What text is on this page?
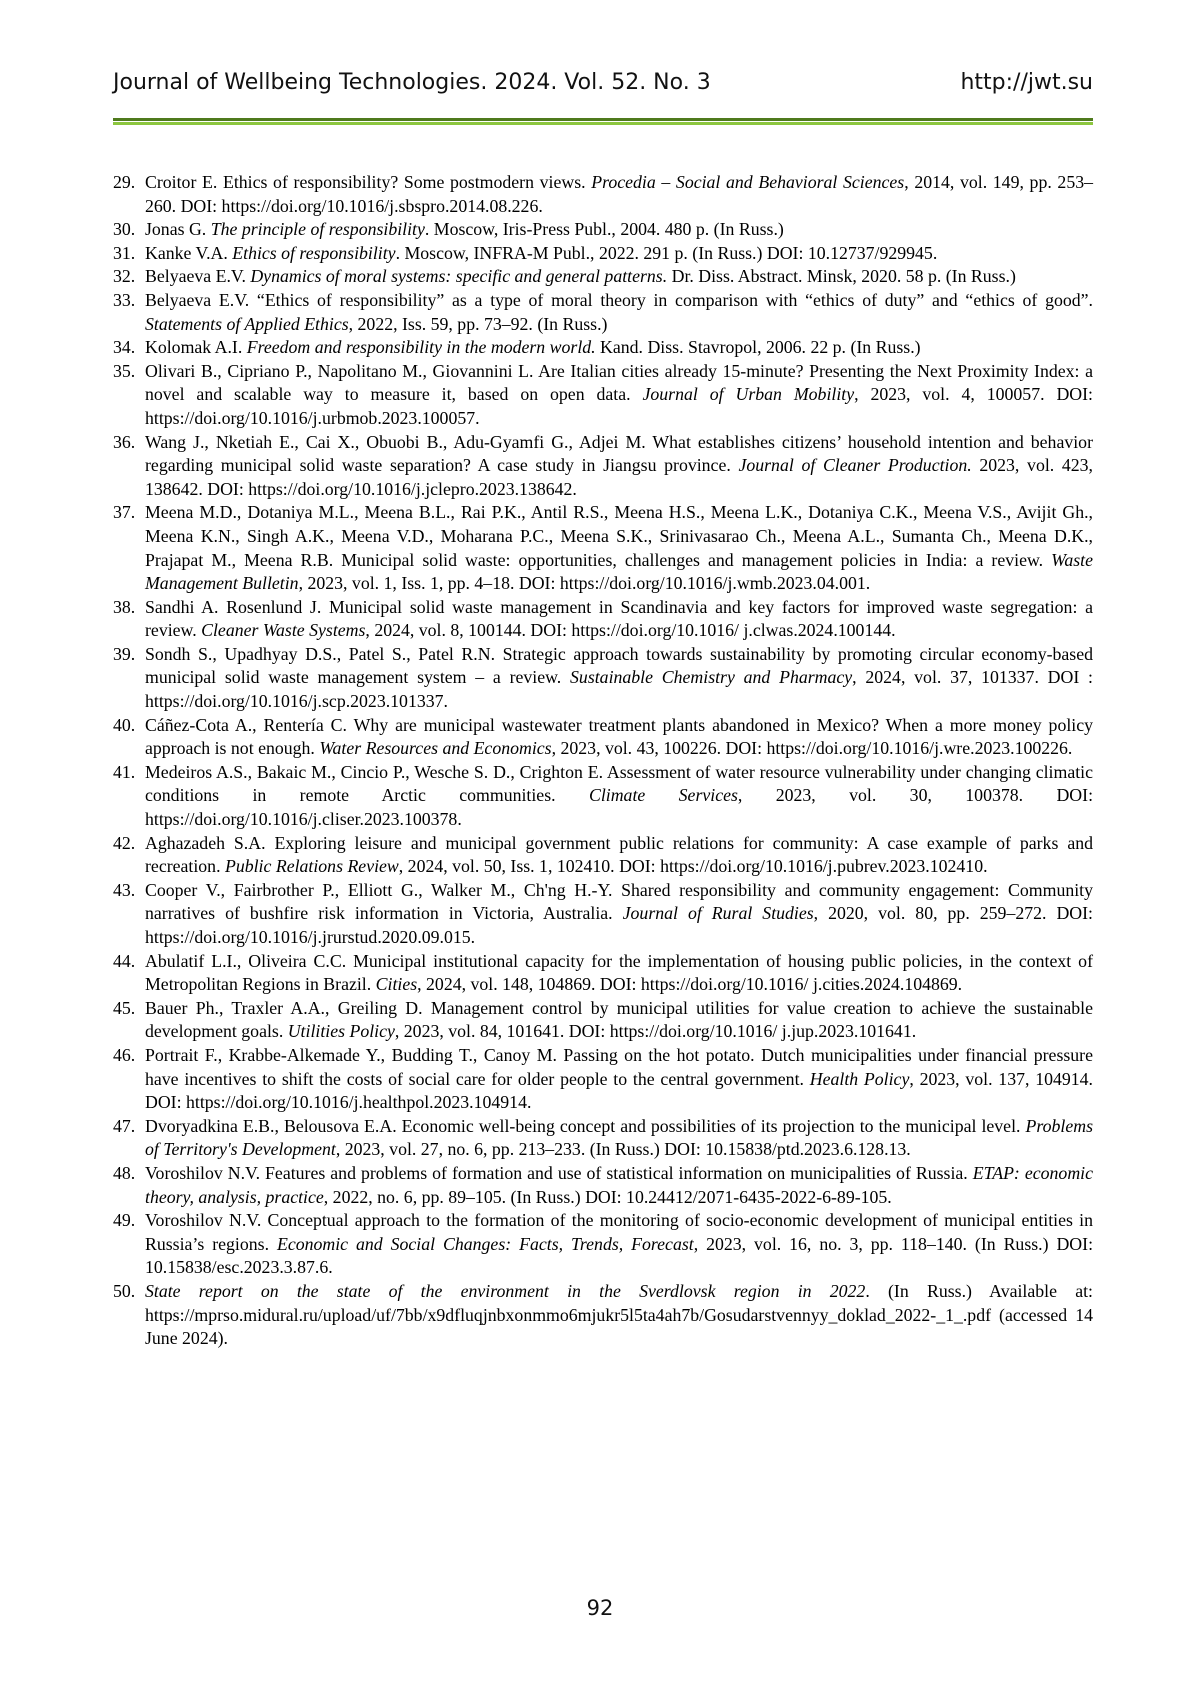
Journal of Wellbeing Technologies. 2024. Vol. 52. No. 3	http://jwt.su
29. Croitor E. Ethics of responsibility? Some postmodern views. Procedia – Social and Behavioral Sciences, 2014, vol. 149, pp. 253–260. DOI: https://doi.org/10.1016/j.sbspro.2014.08.226.
30. Jonas G. The principle of responsibility. Moscow, Iris-Press Publ., 2004. 480 p. (In Russ.)
31. Kanke V.A. Ethics of responsibility. Moscow, INFRA-M Publ., 2022. 291 p. (In Russ.) DOI: 10.12737/929945.
32. Belyaeva E.V. Dynamics of moral systems: specific and general patterns. Dr. Diss. Abstract. Minsk, 2020. 58 p. (In Russ.)
33. Belyaeva E.V. “Ethics of responsibility” as a type of moral theory in comparison with “ethics of duty” and “ethics of good”. Statements of Applied Ethics, 2022, Iss. 59, pp. 73–92. (In Russ.)
34. Kolomak A.I. Freedom and responsibility in the modern world. Kand. Diss. Stavropol, 2006. 22 p. (In Russ.)
35. Olivari B., Cipriano P., Napolitano M., Giovannini L. Are Italian cities already 15-minute? Presenting the Next Proximity Index: a novel and scalable way to measure it, based on open data. Journal of Urban Mobility, 2023, vol. 4, 100057. DOI: https://doi.org/10.1016/j.urbmob.2023.100057.
36. Wang J., Nketiah E., Cai X., Obuobi B., Adu-Gyamfi G., Adjei M. What establishes citizens’ household intention and behavior regarding municipal solid waste separation? A case study in Jiangsu province. Journal of Cleaner Production. 2023, vol. 423, 138642. DOI: https://doi.org/10.1016/j.jclepro.2023.138642.
37. Meena M.D., Dotaniya M.L., Meena B.L., Rai P.K., Antil R.S., Meena H.S., Meena L.K., Dotaniya C.K., Meena V.S., Avijit Gh., Meena K.N., Singh A.K., Meena V.D., Moharana P.C., Meena S.K., Srinivasarao Ch., Meena A.L., Sumanta Ch., Meena D.K., Prajapat M., Meena R.B. Municipal solid waste: opportunities, challenges and management policies in India: a review. Waste Management Bulletin, 2023, vol. 1, Iss. 1, pp. 4–18. DOI: https://doi.org/10.1016/j.wmb.2023.04.001.
38. Sandhi A. Rosenlund J. Municipal solid waste management in Scandinavia and key factors for improved waste segregation: a review. Cleaner Waste Systems, 2024, vol. 8, 100144. DOI: https://doi.org/10.1016/ j.clwas.2024.100144.
39. Sondh S., Upadhyay D.S., Patel S., Patel R.N. Strategic approach towards sustainability by promoting circular economy-based municipal solid waste management system – a review. Sustainable Chemistry and Pharmacy, 2024, vol. 37, 101337. DOI : https://doi.org/10.1016/j.scp.2023.101337.
40. Cáñez-Cota A., Rentería C. Why are municipal wastewater treatment plants abandoned in Mexico? When a more money policy approach is not enough. Water Resources and Economics, 2023, vol. 43, 100226. DOI: https://doi.org/10.1016/j.wre.2023.100226.
41. Medeiros A.S., Bakaic M., Cincio P., Wesche S. D., Crighton E. Assessment of water resource vulnerability under changing climatic conditions in remote Arctic communities. Climate Services, 2023, vol. 30, 100378. DOI: https://doi.org/10.1016/j.cliser.2023.100378.
42. Aghazadeh S.A. Exploring leisure and municipal government public relations for community: A case example of parks and recreation. Public Relations Review, 2024, vol. 50, Iss. 1, 102410. DOI: https://doi.org/10.1016/j.pubrev.2023.102410.
43. Cooper V., Fairbrother P., Elliott G., Walker M., Ch'ng H.-Y. Shared responsibility and community engagement: Community narratives of bushfire risk information in Victoria, Australia. Journal of Rural Studies, 2020, vol. 80, pp. 259–272. DOI: https://doi.org/10.1016/j.jrurstud.2020.09.015.
44. Abulatif L.I., Oliveira C.C. Municipal institutional capacity for the implementation of housing public policies, in the context of Metropolitan Regions in Brazil. Cities, 2024, vol. 148, 104869. DOI: https://doi.org/10.1016/ j.cities.2024.104869.
45. Bauer Ph., Traxler A.A., Greiling D. Management control by municipal utilities for value creation to achieve the sustainable development goals. Utilities Policy, 2023, vol. 84, 101641. DOI: https://doi.org/10.1016/ j.jup.2023.101641.
46. Portrait F., Krabbe-Alkemade Y., Budding T., Canoy M. Passing on the hot potato. Dutch municipalities under financial pressure have incentives to shift the costs of social care for older people to the central government. Health Policy, 2023, vol. 137, 104914. DOI: https://doi.org/10.1016/j.healthpol.2023.104914.
47. Dvoryadkina E.B., Belousova E.A. Economic well-being concept and possibilities of its projection to the municipal level. Problems of Territory's Development, 2023, vol. 27, no. 6, pp. 213–233. (In Russ.) DOI: 10.15838/ptd.2023.6.128.13.
48. Voroshilov N.V. Features and problems of formation and use of statistical information on municipalities of Russia. ETAP: economic theory, analysis, practice, 2022, no. 6, pp. 89–105. (In Russ.) DOI: 10.24412/2071-6435-2022-6-89-105.
49. Voroshilov N.V. Conceptual approach to the formation of the monitoring of socio-economic development of municipal entities in Russia’s regions. Economic and Social Changes: Facts, Trends, Forecast, 2023, vol. 16, no. 3, pp. 118–140. (In Russ.) DOI: 10.15838/esc.2023.3.87.6.
50. State report on the state of the environment in the Sverdlovsk region in 2022. (In Russ.) Available at: https://mprso.midural.ru/upload/uf/7bb/x9dfluqjnbxonmmo6mjukr5l5ta4ah7b/Gosudarstvennyy_doklad_2022-_1_.pdf (accessed 14 June 2024).
92
